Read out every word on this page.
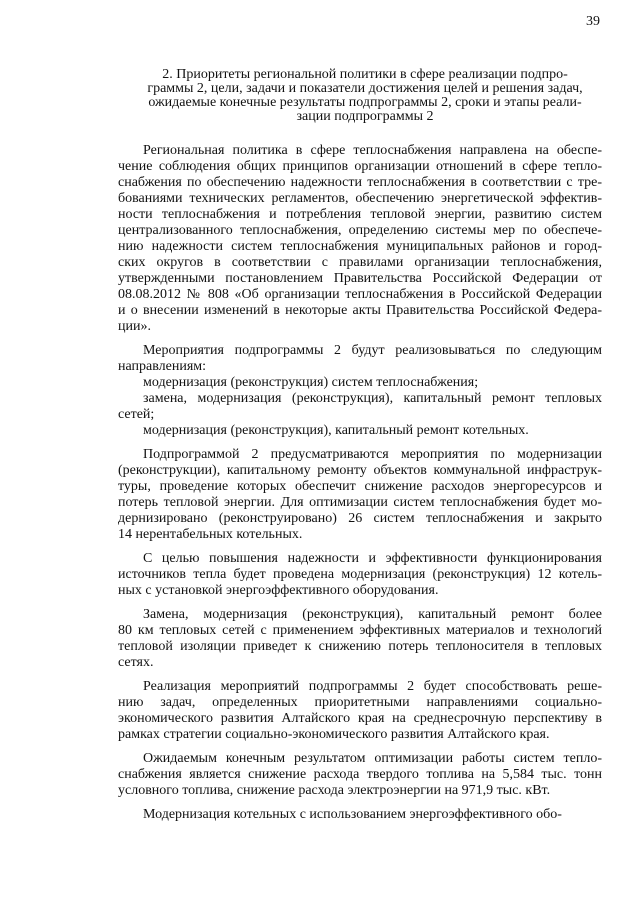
39
2. Приоритеты региональной политики в сфере реализации подпро-
граммы 2, цели, задачи и показатели достижения целей и решения задач,
ожидаемые конечные результаты подпрограммы 2, сроки и этапы реали-
зации подпрограммы 2
Региональная политика в сфере теплоснабжения направлена на обеспе-
чение соблюдения общих принципов организации отношений в сфере тепло-
снабжения по обеспечению надежности теплоснабжения в соответствии с тре-
бованиями технических регламентов, обеспечению энергетической эффектив-
ности теплоснабжения и потребления тепловой энергии, развитию систем
централизованного теплоснабжения, определению системы мер по обеспече-
нию надежности систем теплоснабжения муниципальных районов и город-
ских округов в соответствии с правилами организации теплоснабжения,
утвержденными постановлением Правительства Российской Федерации от
08.08.2012 № 808 «Об организации теплоснабжения в Российской Федерации
и о внесении изменений в некоторые акты Правительства Российской Федера-
ции».
Мероприятия подпрограммы 2 будут реализовываться по следующим
направлениям:
модернизация (реконструкция) систем теплоснабжения;
замена, модернизация (реконструкция), капитальный ремонт тепловых
сетей;
модернизация (реконструкция), капитальный ремонт котельных.
Подпрограммой 2 предусматриваются мероприятия по модернизации
(реконструкции), капитальному ремонту объектов коммунальной инфраструк-
туры, проведение которых обеспечит снижение расходов энергоресурсов и
потерь тепловой энергии. Для оптимизации систем теплоснабжения будет мо-
дернизировано (реконструировано) 26 систем теплоснабжения и закрыто
14 нерентабельных котельных.
С целью повышения надежности и эффективности функционирования
источников тепла будет проведена модернизация (реконструкция) 12 котель-
ных с установкой энергоэффективного оборудования.
Замена, модернизация (реконструкция), капитальный ремонт более
80 км тепловых сетей с применением эффективных материалов и технологий
тепловой изоляции приведет к снижению потерь теплоносителя в тепловых
сетях.
Реализация мероприятий подпрограммы 2 будет способствовать реше-
нию задач, определенных приоритетными направлениями социально-
экономического развития Алтайского края на среднесрочную перспективу в
рамках стратегии социально-экономического развития Алтайского края.
Ожидаемым конечным результатом оптимизации работы систем тепло-
снабжения является снижение расхода твердого топлива на 5,584 тыс. тонн
условного топлива, снижение расхода электроэнергии на 971,9 тыс. кВт.
Модернизация котельных с использованием энергоэффективного обо-
